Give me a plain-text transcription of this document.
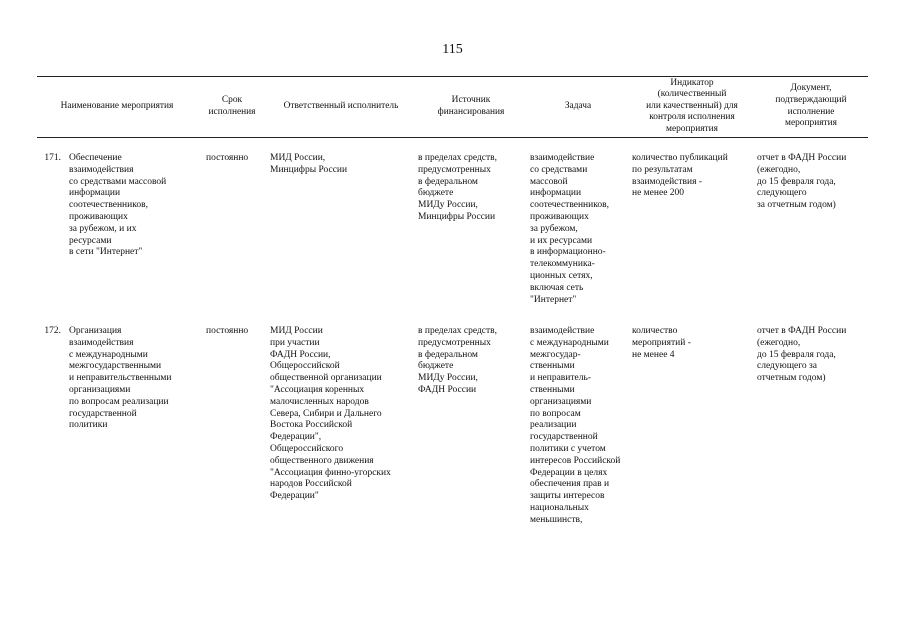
115
Наименование мероприятия
Срок
исполнения
Ответственный исполнитель
Источник
финансирования
Задача
Индикатор
(количественный
или качественный) для
контроля исполнения
мероприятия
Документ,
подтверждающий
исполнение
мероприятия
171. Обеспечение
взаимодействия
со средствами массовой
информации
соотечественников,
проживающих
за рубежом, и их
ресурсами
в сети "Интернет"
постоянно	МИД России,
Минцифры России
в пределах средств,
предусмотренных
в федеральном
бюджете
МИДу России,
Минцифры России
взаимодействие
со средствами
массовой
информации
соотечественников,
проживающих
за рубежом,
и их ресурсами
в информационно-
телекоммуника-
ционных сетях,
включая сеть
"Интернет"
количество публикаций
по результатам
взаимодействия -
не менее 200
отчет в ФАДН России
(ежегодно,
до 15 февраля года,
следующего
за отчетным годом)
172. Организация
взаимодействия
с международными
межгосударственными
и неправительственными
организациями
по вопросам реализации
государственной
политики
постоянно	МИД России
при участии
ФАДН России,
Общероссийской
общественной организации
"Ассоциация коренных
малочисленных народов
Севера, Сибири и Дальнего
Востока Российской
Федерации",
Общероссийского
общественного движения
"Ассоциация финно-угорских
народов Российской
Федерации"
в пределах средств,
предусмотренных
в федеральном
бюджете
МИДу России,
ФАДН России
взаимодействие
с международными
межгосудар-
ственными
и неправитель-
ственными
организациями
по вопросам
реализации
государственной
политики с учетом
интересов Российской
Федерации в целях
обеспечения прав и
защиты интересов
национальных
меньшинств,
количество
мероприятий -
не менее 4
отчет в ФАДН России
(ежегодно,
до 15 февраля года,
следующего за
отчетным годом)
